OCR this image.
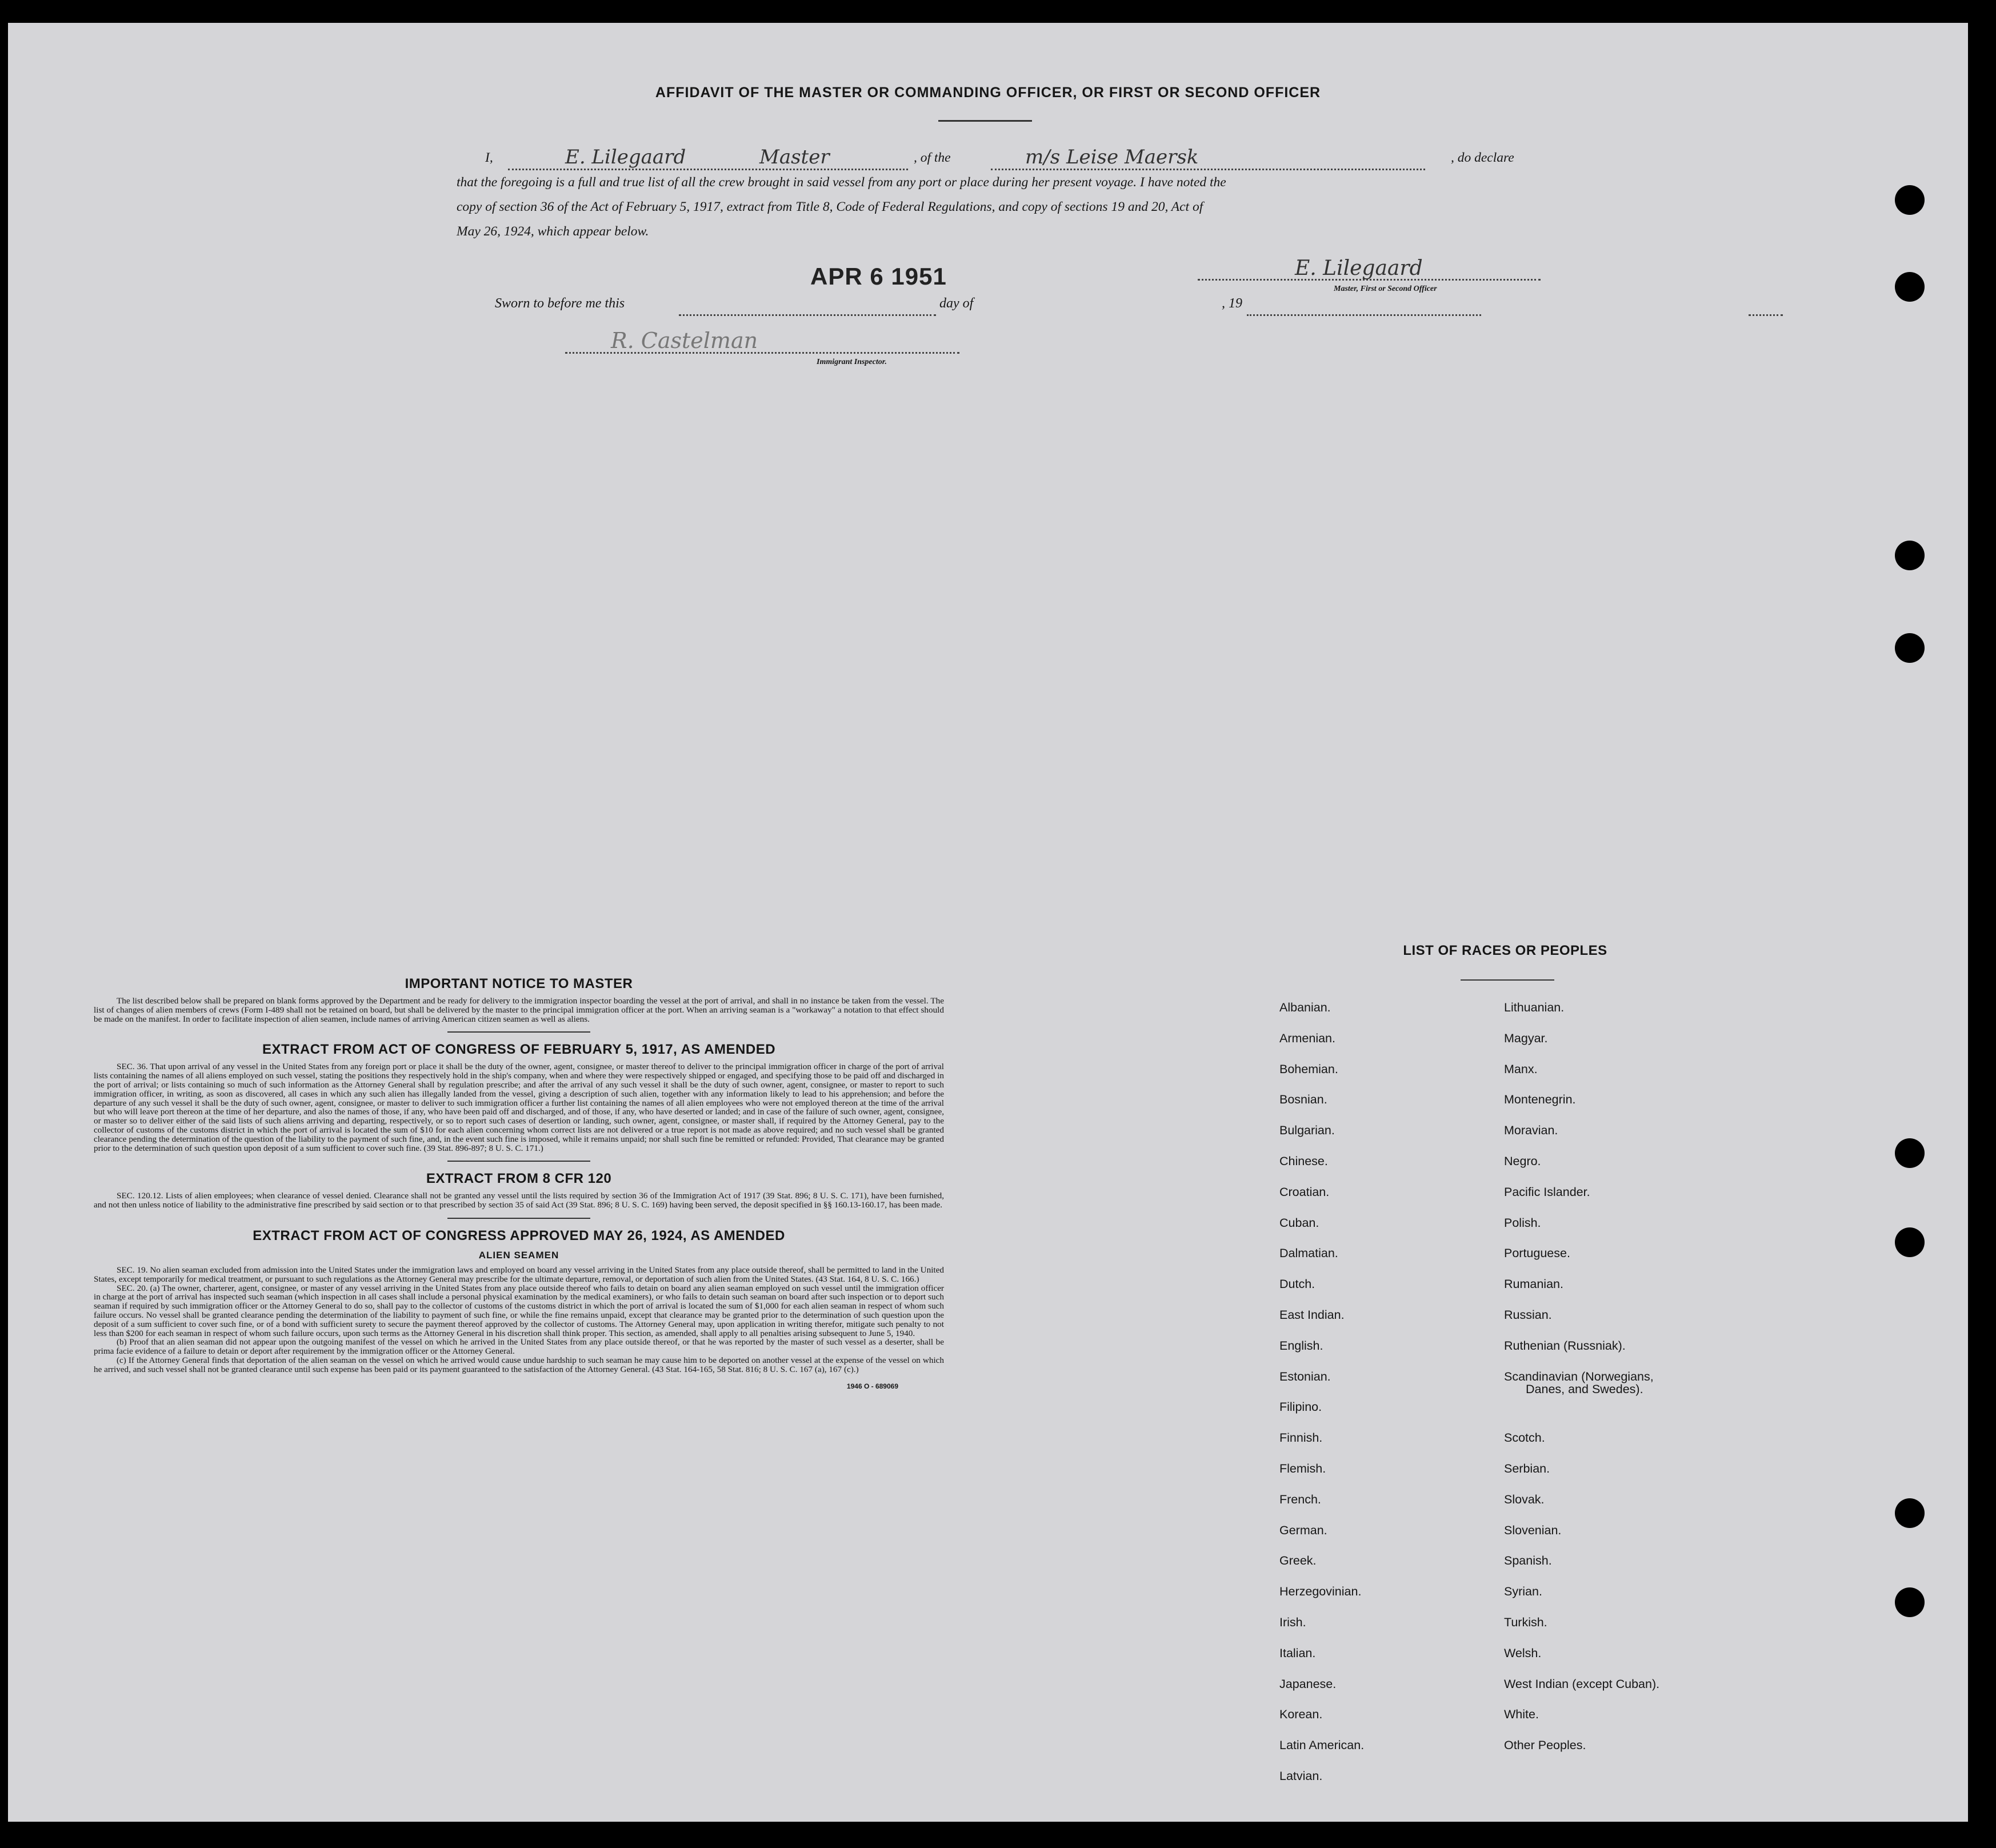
AFFIDAVIT OF THE MASTER OR COMMANDING OFFICER, OR FIRST OR SECOND OFFICER
I,	E. Lilegaard	Master	, of the	m/s Leise Maersk	, do declare
that the foregoing is a full and true list of all the crew brought in said vessel from any port or place during her present voyage. I have noted the
copy of section 36 of the Act of February 5, 1917, extract from Title 8, Code of Federal Regulations, and copy of sections 19 and 20, Act of
May 26, 1924, which appear below.
E. Lilegaard
Master, First or Second Officer
APR 6 1951
Sworn to before me this
	day of
	, 19
R. Castelman
Immigrant Inspector.
IMPORTANT NOTICE TO MASTER

The list described below shall be prepared on blank forms approved by the Department and be ready for delivery to the immigration inspector boarding the vessel at the port of arrival, and shall in no instance be taken from the vessel. The list of changes of alien members of crews (Form I-489 shall not be retained on board, but shall be delivered by the master to the principal immigration officer at the port. When an arriving seaman is a "workaway" a notation to that effect should be made on the manifest. In order to facilitate inspection of alien seamen, include names of arriving American citizen seamen as well as aliens.

EXTRACT FROM ACT OF CONGRESS OF FEBRUARY 5, 1917, AS AMENDED

SEC. 36. That upon arrival of any vessel in the United States from any foreign port or place it shall be the duty of the owner, agent, consignee, or master thereof to deliver to the principal immigration officer in charge of the port of arrival lists containing the names of all aliens employed on such vessel, stating the positions they respectively hold in the ship's company, when and where they were respectively shipped or engaged, and specifying those to be paid off and discharged in the port of arrival; or lists containing so much of such information as the Attorney General shall by regulation prescribe; and after the arrival of any such vessel it shall be the duty of such owner, agent, consignee, or master to report to such immigration officer, in writing, as soon as discovered, all cases in which any such alien has illegally landed from the vessel, giving a description of such alien, together with any information likely to lead to his apprehension; and before the departure of any such vessel it shall be the duty of such owner, agent, consignee, or master to deliver to such immigration officer a further list containing the names of all alien employees who were not employed thereon at the time of the arrival but who will leave port thereon at the time of her departure, and also the names of those, if any, who have been paid off and discharged, and of those, if any, who have deserted or landed; and in case of the failure of such owner, agent, consignee, or master so to deliver either of the said lists of such aliens arriving and departing, respectively, or so to report such cases of desertion or landing, such owner, agent, consignee, or master shall, if required by the Attorney General, pay to the collector of customs of the customs district in which the port of arrival is located the sum of $10 for each alien concerning whom correct lists are not delivered or a true report is not made as above required; and no such vessel shall be granted clearance pending the determination of the question of the liability to the payment of such fine, and, in the event such fine is imposed, while it remains unpaid; nor shall such fine be remitted or refunded: Provided, That clearance may be granted prior to the determination of such question upon deposit of a sum sufficient to cover such fine. (39 Stat. 896-897; 8 U. S. C. 171.)

EXTRACT FROM 8 CFR 120

SEC. 120.12. Lists of alien employees; when clearance of vessel denied. Clearance shall not be granted any vessel until the lists required by section 36 of the Immigration Act of 1917 (39 Stat. 896; 8 U. S. C. 171), have been furnished, and not then unless notice of liability to the administrative fine prescribed by said section or to that prescribed by section 35 of said Act (39 Stat. 896; 8 U. S. C. 169) having been served, the deposit specified in §§ 160.13-160.17, has been made.

EXTRACT FROM ACT OF CONGRESS APPROVED MAY 26, 1924, AS AMENDED
ALIEN SEAMEN

SEC. 19. No alien seaman excluded from admission into the United States under the immigration laws and employed on board any vessel arriving in the United States from any place outside thereof, shall be permitted to land in the United States, except temporarily for medical treatment, or pursuant to such regulations as the Attorney General may prescribe for the ultimate departure, removal, or deportation of such alien from the United States. (43 Stat. 164, 8 U. S. C. 166.)

SEC. 20. (a) The owner, charterer, agent, consignee, or master of any vessel arriving in the United States from any place outside thereof who fails to detain on board any alien seaman employed on such vessel until the immigration officer in charge at the port of arrival has inspected such seaman (which inspection in all cases shall include a personal physical examination by the medical examiners), or who fails to detain such seaman on board after such inspection or to deport such seaman if required by such immigration officer or the Attorney General to do so, shall pay to the collector of customs of the customs district in which the port of arrival is located the sum of $1,000 for each alien seaman in respect of whom such failure occurs. No vessel shall be granted clearance pending the determination of the liability to payment of such fine, or while the fine remains unpaid, except that clearance may be granted prior to the determination of such question upon the deposit of a sum sufficient to cover such fine, or of a bond with sufficient surety to secure the payment thereof approved by the collector of customs. The Attorney General may, upon application in writing therefor, mitigate such penalty to not less than $200 for each seaman in respect of whom such failure occurs, upon such terms as the Attorney General in his discretion shall think proper. This section, as amended, shall apply to all penalties arising subsequent to June 5, 1940.

(b) Proof that an alien seaman did not appear upon the outgoing manifest of the vessel on which he arrived in the United States from any place outside thereof, or that he was reported by the master of such vessel as a deserter, shall be prima facie evidence of a failure to detain or deport after requirement by the immigration officer or the Attorney General.

(c) If the Attorney General finds that deportation of the alien seaman on the vessel on which he arrived would cause undue hardship to such seaman he may cause him to be deported on another vessel at the expense of the vessel on which he arrived, and such vessel shall not be granted clearance until such expense has been paid or its payment guaranteed to the satisfaction of the Attorney General. (43 Stat. 164-165, 58 Stat. 816; 8 U. S. C. 167 (a), 167 (c).)

1946 O - 689069
LIST OF RACES OR PEOPLES
Albanian.
Armenian.
Bohemian.
Bosnian.
Bulgarian.
Chinese.
Croatian.
Cuban.
Dalmatian.
Dutch.
East Indian.
English.
Estonian.
Filipino.
Finnish.
Flemish.
French.
German.
Greek.
Herzegovinian.
Irish.
Italian.
Japanese.
Korean.
Latin American.
Latvian.
Lithuanian.
Magyar.
Manx.
Montenegrin.
Moravian.
Negro.
Pacific Islander.
Polish.
Portuguese.
Rumanian.
Russian.
Ruthenian (Russniak).
Scandinavian (Norwegians,
Danes, and Swedes).
Scotch.
Serbian.
Slovak.
Slovenian.
Spanish.
Syrian.
Turkish.
Welsh.
West Indian (except Cuban).
White.
Other Peoples.
